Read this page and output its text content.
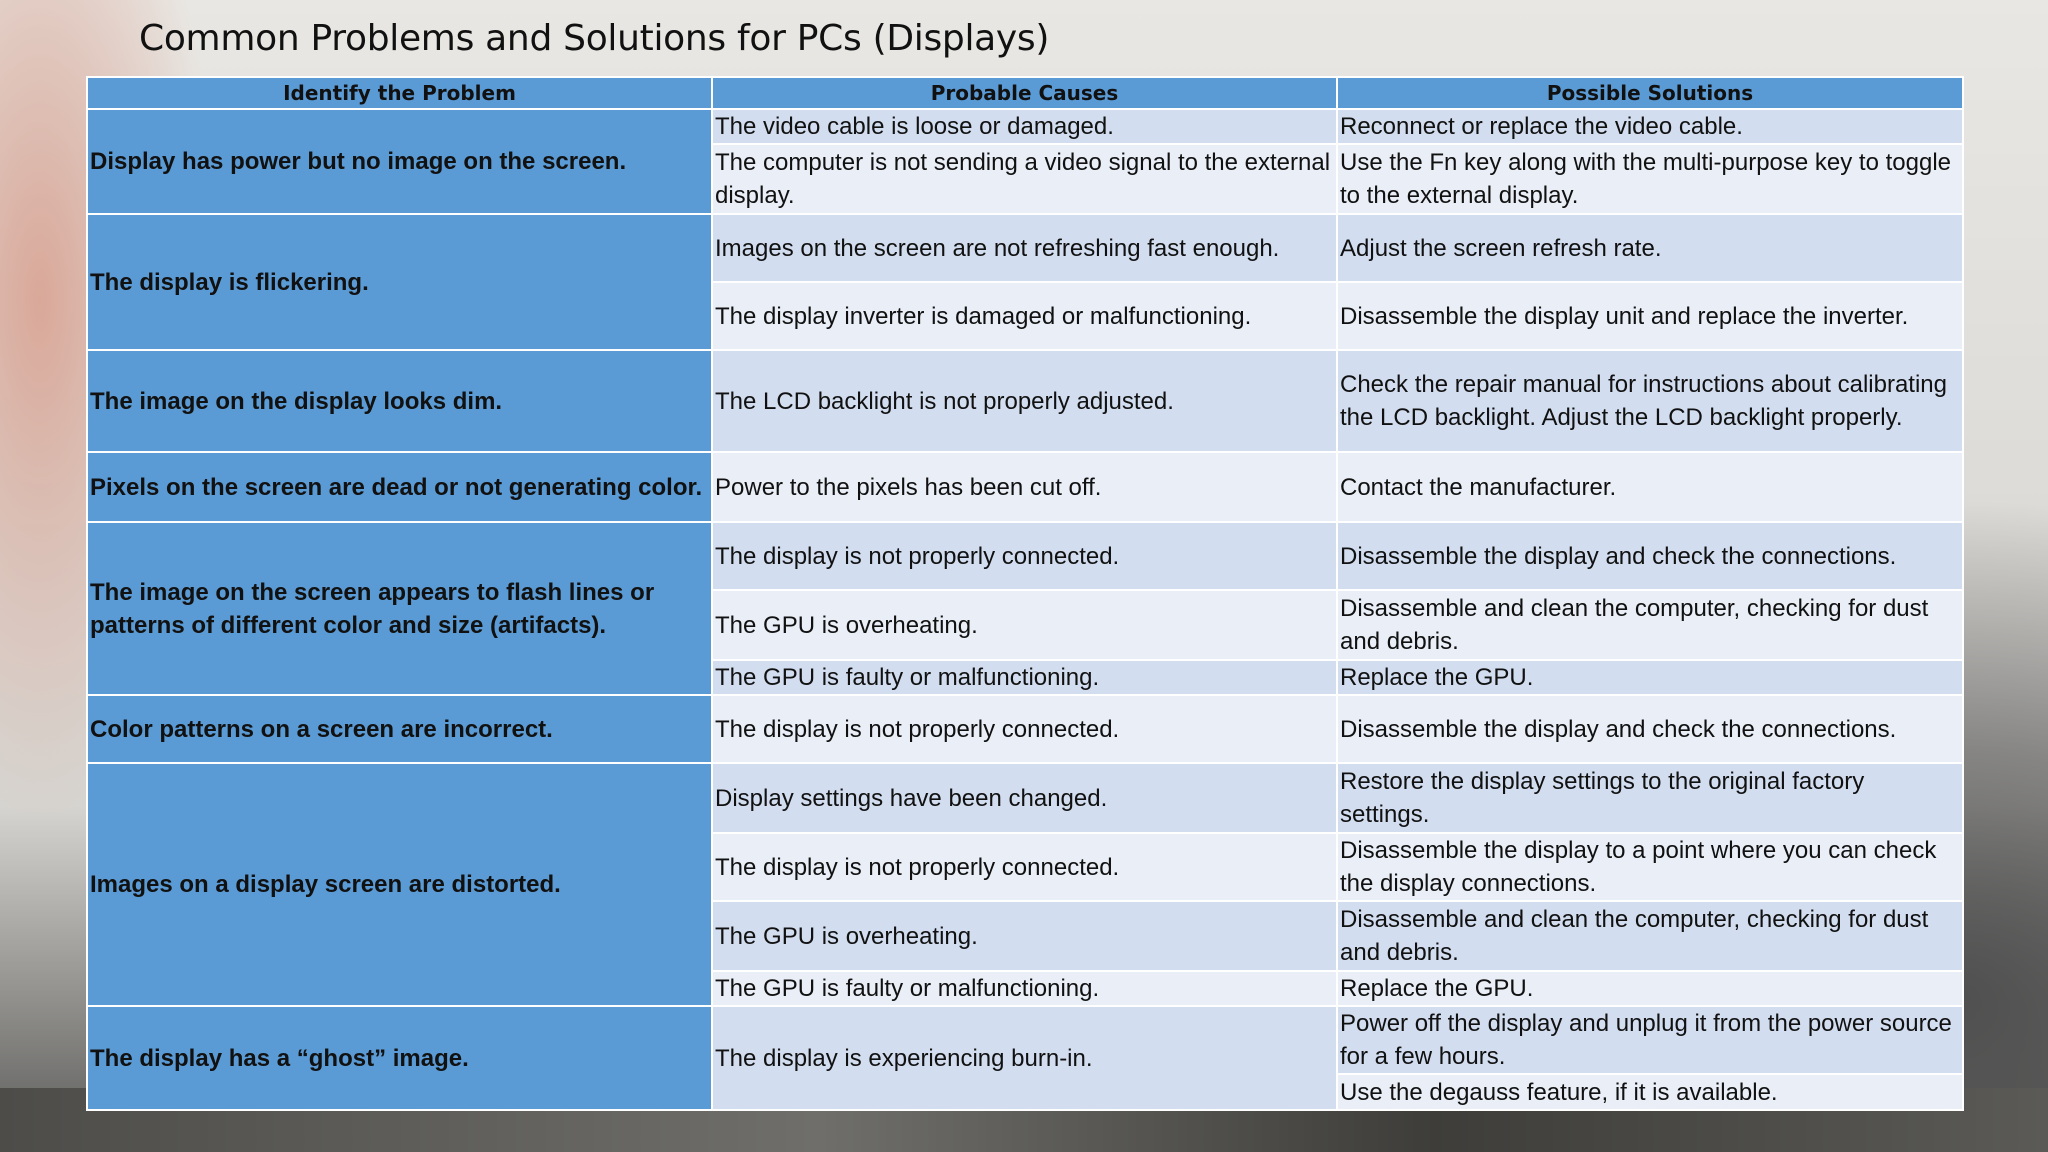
Common Problems and Solutions for PCs (Displays)
Identify the Problem	Probable Causes	Possible Solutions
Display has power but no image on the screen.	The video cable is loose or damaged.	Reconnect or replace the video cable.
	The computer is not sending a video signal to the external display.	Use the Fn key along with the multi-purpose key to toggle to the external display.
The display is flickering.	Images on the screen are not refreshing fast enough.	Adjust the screen refresh rate.
	The display inverter is damaged or malfunctioning.	Disassemble the display unit and replace the inverter.
The image on the display looks dim.	The LCD backlight is not properly adjusted.	Check the repair manual for instructions about calibrating the LCD backlight. Adjust the LCD backlight properly.
Pixels on the screen are dead or not generating color.	Power to the pixels has been cut off.	Contact the manufacturer.
The image on the screen appears to flash lines or patterns of different color and size (artifacts).	The display is not properly connected.	Disassemble the display and check the connections.
	The GPU is overheating.	Disassemble and clean the computer, checking for dust and debris.
	The GPU is faulty or malfunctioning.	Replace the GPU.
Color patterns on a screen are incorrect.	The display is not properly connected.	Disassemble the display and check the connections.
Images on a display screen are distorted.	Display settings have been changed.	Restore the display settings to the original factory settings.
	The display is not properly connected.	Disassemble the display to a point where you can check the display connections.
	The GPU is overheating.	Disassemble and clean the computer, checking for dust and debris.
	The GPU is faulty or malfunctioning.	Replace the GPU.
The display has a “ghost” image.	The display is experiencing burn-in.	Power off the display and unplug it from the power source for a few hours.
		Use the degauss feature, if it is available.
